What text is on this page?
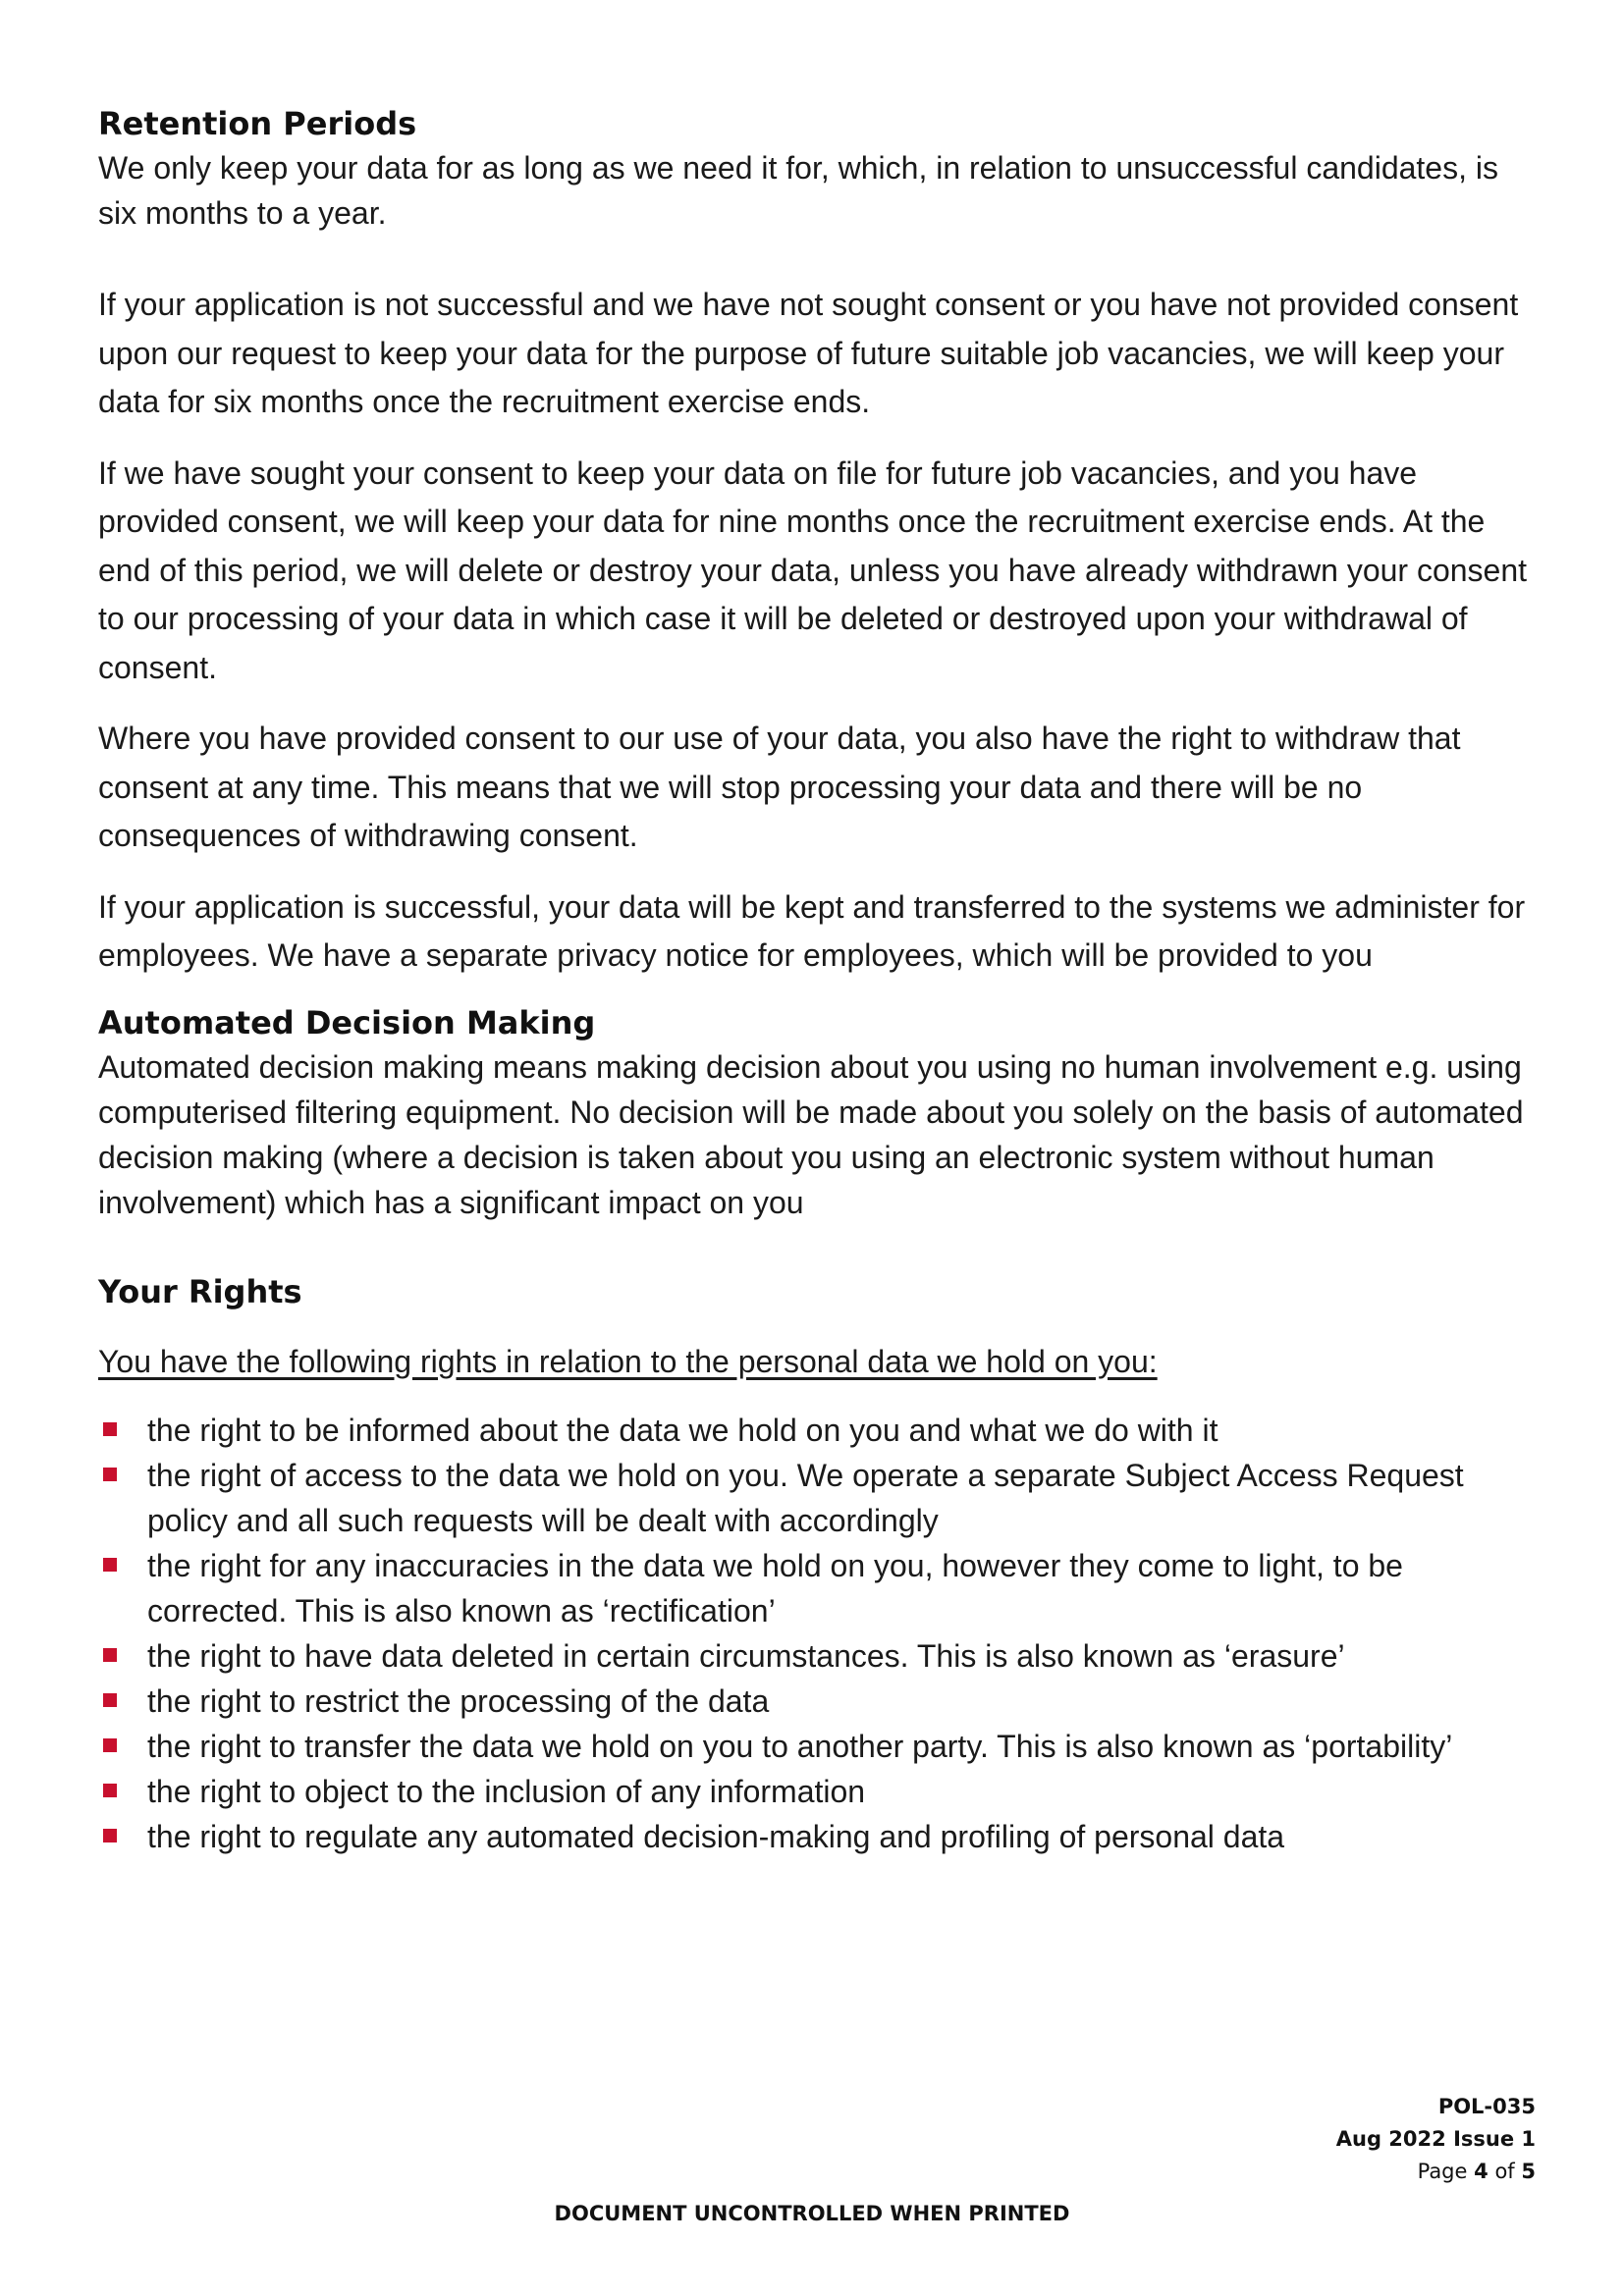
Retention Periods

We only keep your data for as long as we need it for, which, in relation to unsuccessful candidates, is six months to a year.

If your application is not successful and we have not sought consent or you have not provided consent upon our request to keep your data for the purpose of future suitable job vacancies, we will keep your data for six months once the recruitment exercise ends.

If we have sought your consent to keep your data on file for future job vacancies, and you have provided consent, we will keep your data for nine months once the recruitment exercise ends. At the end of this period, we will delete or destroy your data, unless you have already withdrawn your consent to our processing of your data in which case it will be deleted or destroyed upon your withdrawal of consent.

Where you have provided consent to our use of your data, you also have the right to withdraw that consent at any time. This means that we will stop processing your data and there will be no consequences of withdrawing consent.

If your application is successful, your data will be kept and transferred to the systems we administer for employees. We have a separate privacy notice for employees, which will be provided to you

Automated Decision Making

Automated decision making means making decision about you using no human involvement e.g. using computerised filtering equipment. No decision will be made about you solely on the basis of automated decision making (where a decision is taken about you using an electronic system without human involvement) which has a significant impact on you

Your Rights

You have the following rights in relation to the personal data we hold on you:

the right to be informed about the data we hold on you and what we do with it
the right of access to the data we hold on you. We operate a separate Subject Access Request policy and all such requests will be dealt with accordingly
the right for any inaccuracies in the data we hold on you, however they come to light, to be corrected. This is also known as ‘rectification’
the right to have data deleted in certain circumstances. This is also known as ‘erasure’
the right to restrict the processing of the data
the right to transfer the data we hold on you to another party. This is also known as ‘portability’
the right to object to the inclusion of any information
the right to regulate any automated decision-making and profiling of personal data
POL-035
Aug 2022 Issue 1
Page 4 of 5
DOCUMENT UNCONTROLLED WHEN PRINTED
